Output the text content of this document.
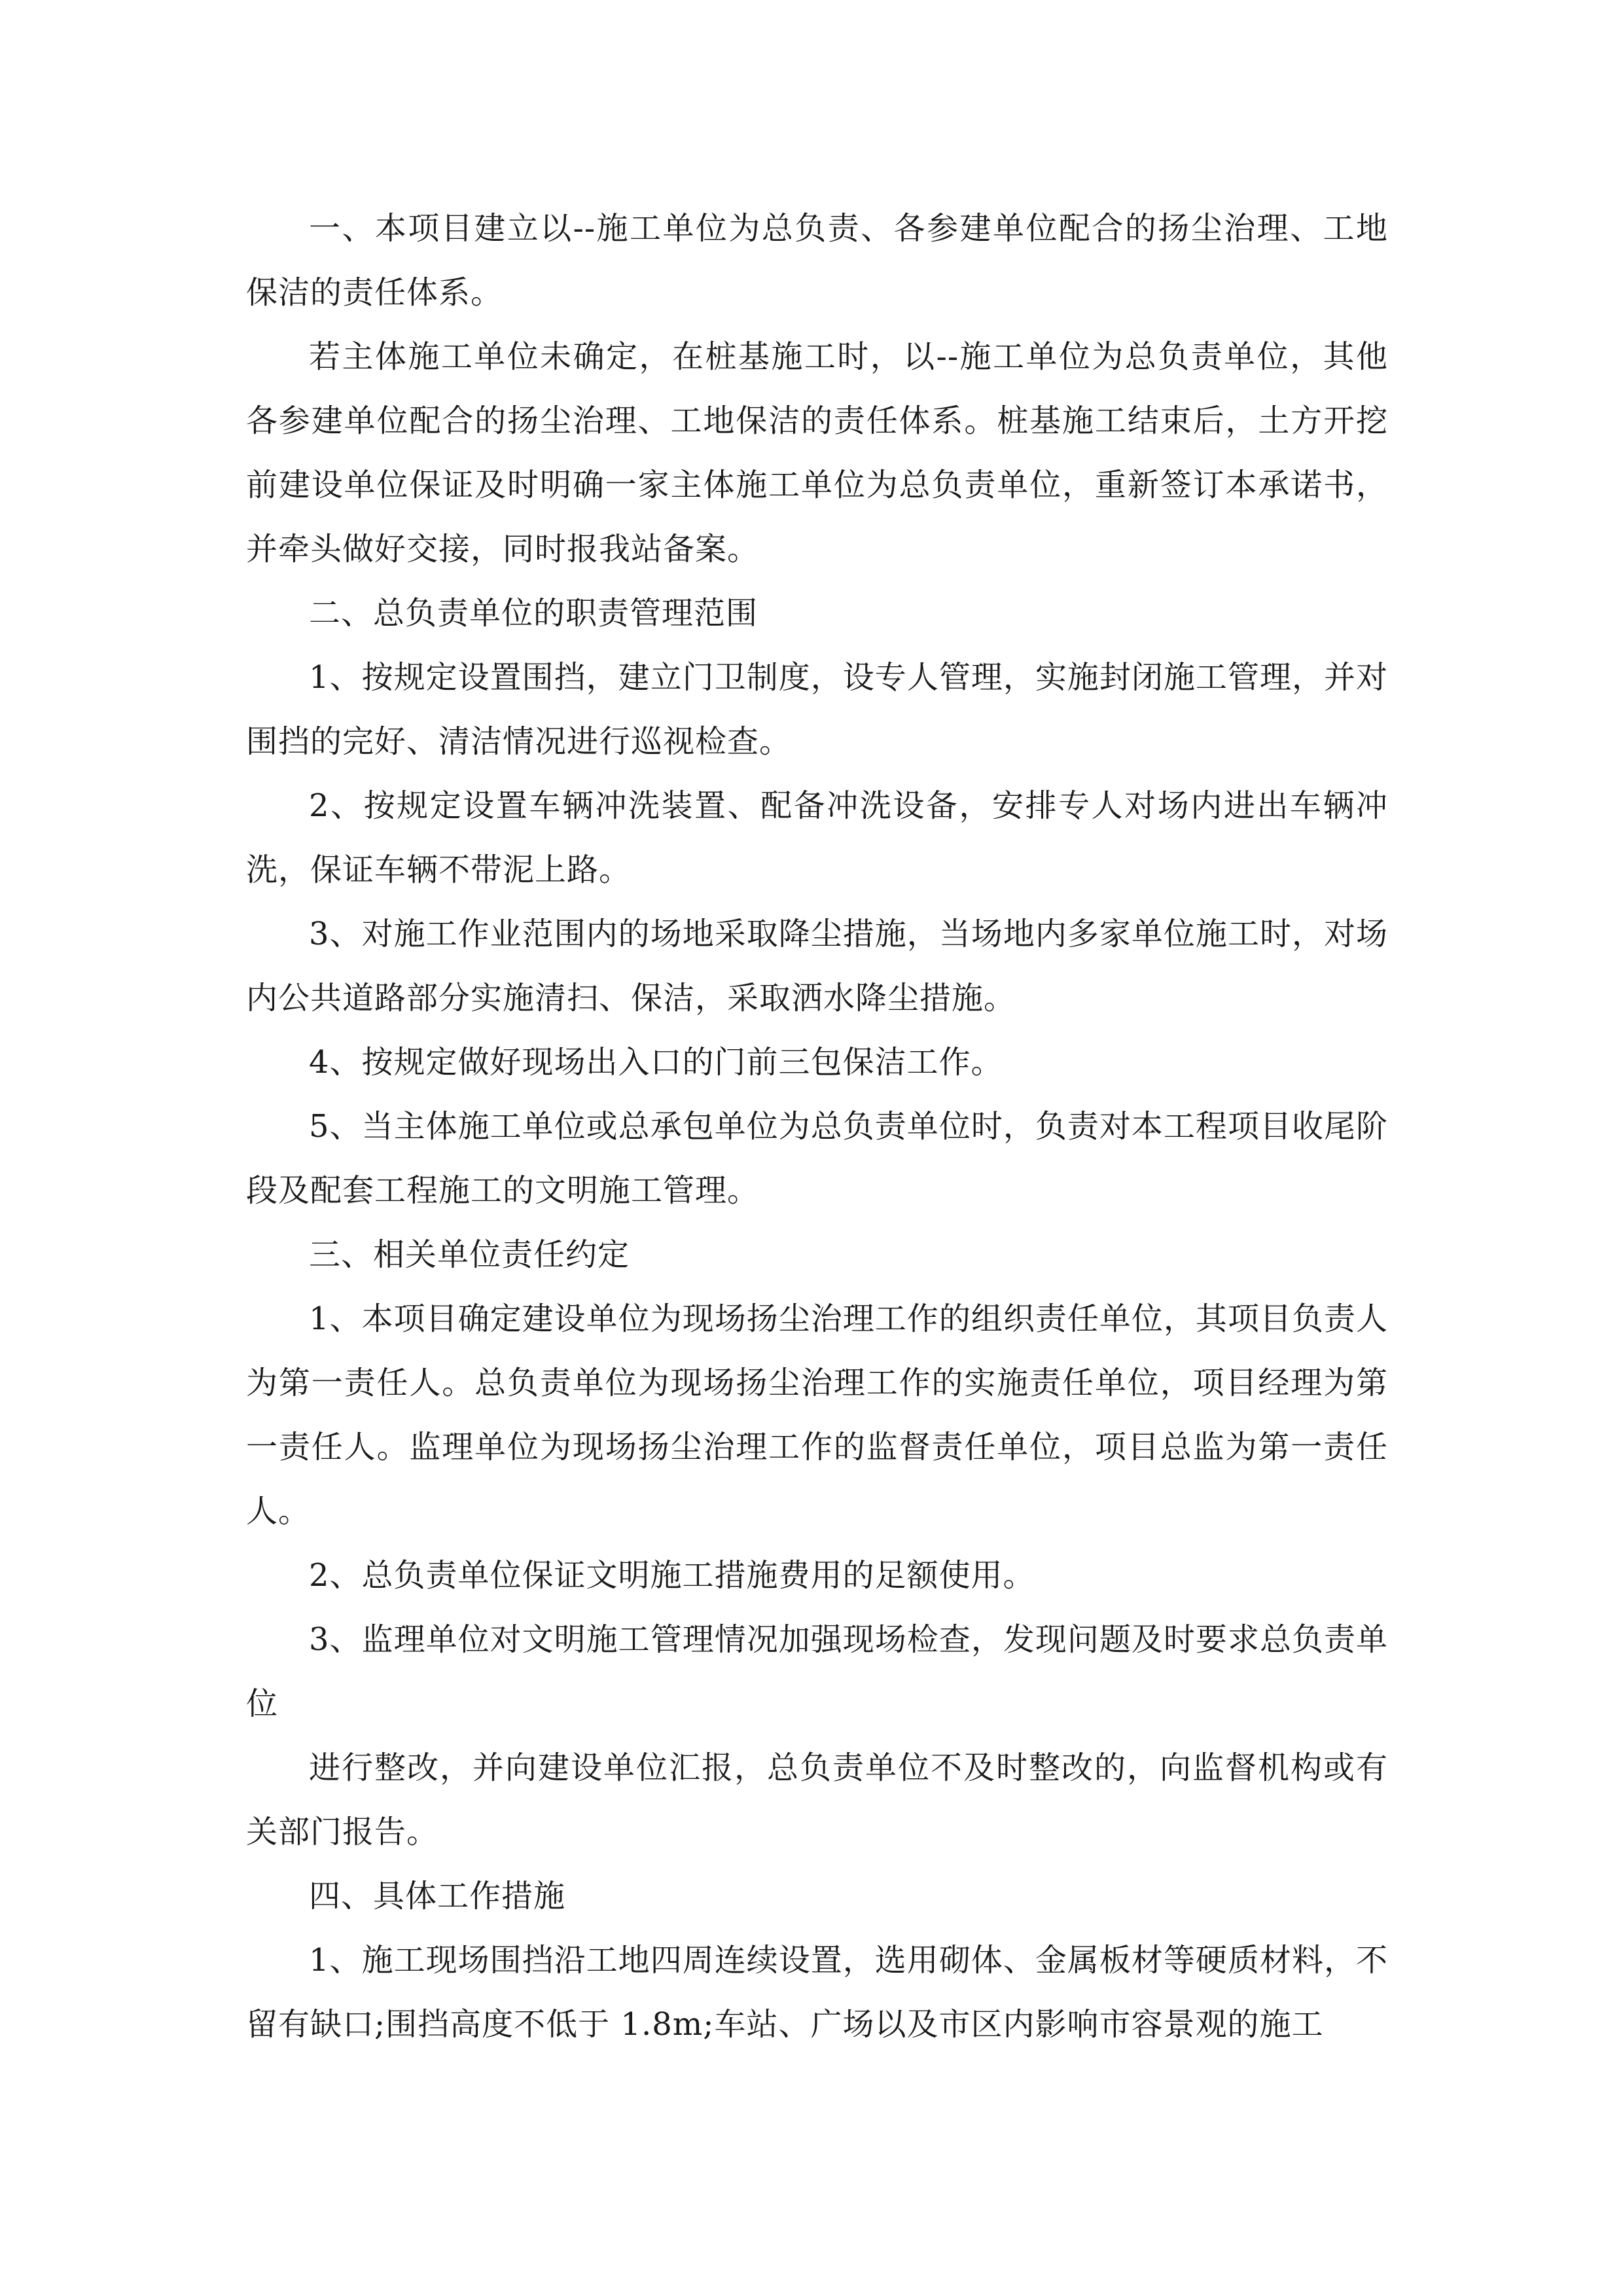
一、本项目建立以--施工单位为总负责、各参建单位配合的扬尘治理、工地保洁的责任体系。

若主体施工单位未确定，在桩基施工时，以--施工单位为总负责单位，其他各参建单位配合的扬尘治理、工地保洁的责任体系。桩基施工结束后，土方开挖前建设单位保证及时明确一家主体施工单位为总负责单位，重新签订本承诺书，并牵头做好交接，同时报我站备案。

二、总负责单位的职责管理范围

1、按规定设置围挡，建立门卫制度，设专人管理，实施封闭施工管理，并对围挡的完好、清洁情况进行巡视检查。

2、按规定设置车辆冲洗装置、配备冲洗设备，安排专人对场内进出车辆冲洗，保证车辆不带泥上路。

3、对施工作业范围内的场地采取降尘措施，当场地内多家单位施工时，对场内公共道路部分实施清扫、保洁，采取洒水降尘措施。

4、按规定做好现场出入口的门前三包保洁工作。

5、当主体施工单位或总承包单位为总负责单位时，负责对本工程项目收尾阶段及配套工程施工的文明施工管理。

三、相关单位责任约定

1、本项目确定建设单位为现场扬尘治理工作的组织责任单位，其项目负责人为第一责任人。总负责单位为现场扬尘治理工作的实施责任单位，项目经理为第一责任人。监理单位为现场扬尘治理工作的监督责任单位，项目总监为第一责任人。

2、总负责单位保证文明施工措施费用的足额使用。

3、监理单位对文明施工管理情况加强现场检查，发现问题及时要求总负责单位

进行整改，并向建设单位汇报，总负责单位不及时整改的，向监督机构或有关部门报告。

四、具体工作措施

1、施工现场围挡沿工地四周连续设置，选用砌体、金属板材等硬质材料，不留有缺口;围挡高度不低于 1.8m;车站、广场以及市区内影响市容景观的施工
